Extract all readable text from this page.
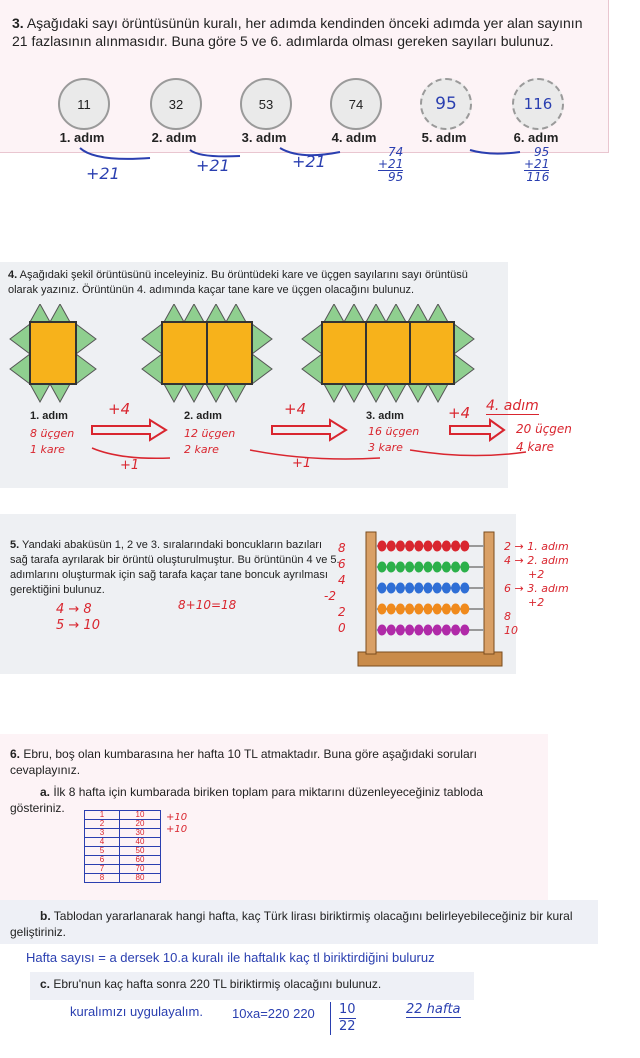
3. Aşağıdaki sayı örüntüsünün kuralı, her adımda kendinden önceki adımda yer alan sayının 21 fazlasının alınmasıdır. Buna göre 5 ve 6. adımlarda olması gereken sayıları bulunuz.
11	32	53	74	95	116
1. adım	2. adım	3. adım	4. adım	5. adım	6. adım
+21	+21	+21	74
+21
95
95
+21
116
4. Aşağıdaki şekil örüntüsünü inceleyiniz. Bu örüntüdeki kare ve üçgen sayılarını sayı örüntüsü olarak yazınız. Örüntünün 4. adımında kaçar tane kare ve üçgen olacağını bulunuz.
1. adım	2. adım	3. adım
+4	+4	+4 4. adım
8 üçgen
1 kare
12 üçgen
2 kare
16 üçgen
3 kare
20 üçgen
4 kare
+1	+1
5. Yandaki abaküsün 1, 2 ve 3. sıralarındaki boncukların bazıları sağ tarafa ayrılarak bir örüntü oluşturulmuştur. Bu örüntünün 4 ve 5. adımlarını oluşturmak için sağ tarafa kaçar tane boncuk ayrılması gerektiğini bulunuz.
4 → 8
5 → 10
8+10=18
8
6
4
-2
2
0
2 → 1. adım
4 → 2. adım
+2
6 → 3. adım
+2
8
10
6. Ebru, boş olan kumbarasına her hafta 10 TL atmaktadır. Buna göre aşağıdaki soruları cevaplayınız.
a. İlk 8 hafta için kumbarada biriken toplam para miktarını düzenleyeceğiniz tabloda gösteriniz.	1	10
2	20
3	30
4	40
5	50
6	60
7	70
8	80
+10
+10
b. Tablodan yararlanarak hangi hafta, kaç Türk lirası biriktirmiş olacağını belirleyebileceğiniz bir kural geliştiriniz.
Hafta sayısı = a dersek 10.a kuralı ile haftalık kaç tl biriktirdiğini buluruz
c. Ebru'nun kaç hafta sonra 220 TL biriktirmiş olacağını bulunuz.
kuralımızı uygulayalım. 10xa=220 220 10
22
22 hafta
